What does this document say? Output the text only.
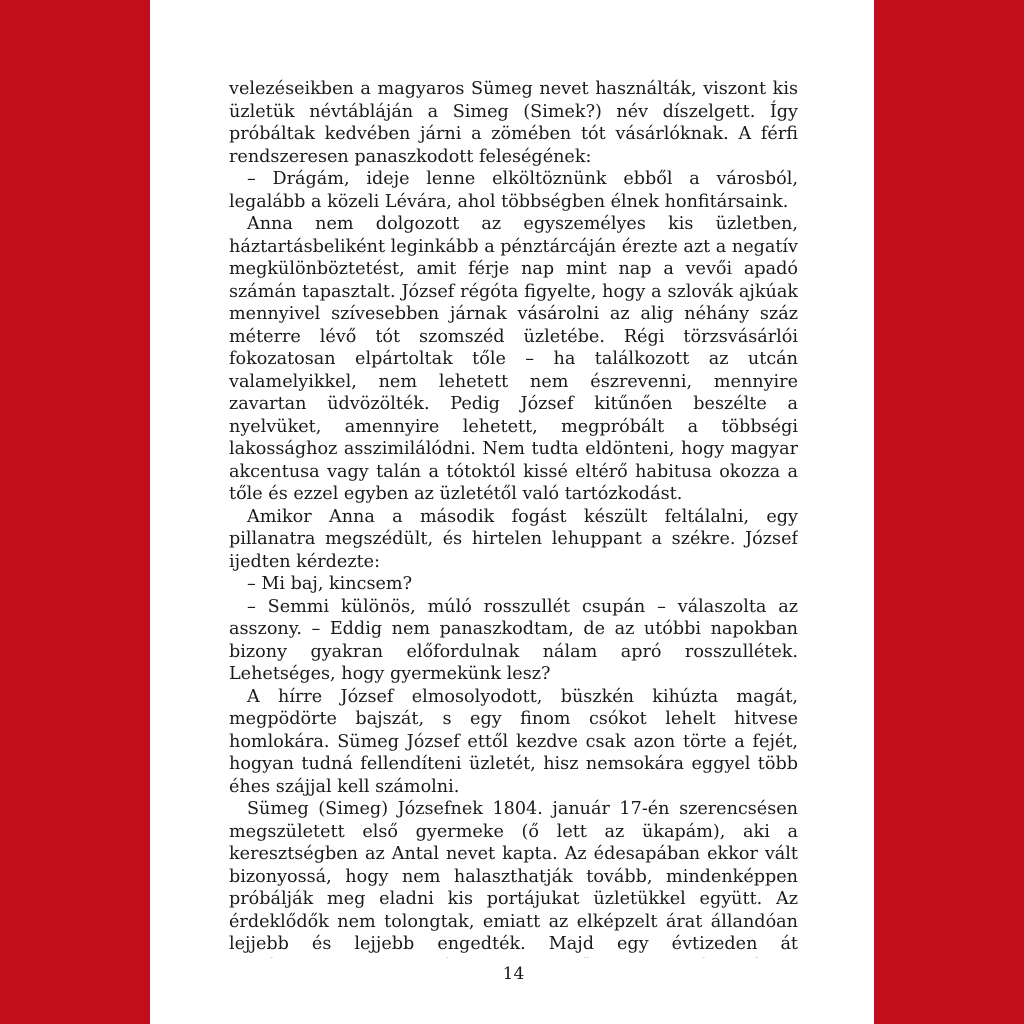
velezéseikben a magyaros Sümeg nevet használták, viszont kis üzletük névtábláján a Simeg (Simek?) név díszelgett. Így próbáltak kedvében járni a zömében tót vásárlóknak. A férfi rendszeresen panaszkodott feleségének:

– Drágám, ideje lenne elköltöznünk ebből a városból, legalább a közeli Lévára, ahol többségben élnek honfitársaink.

Anna nem dolgozott az egyszemélyes kis üzletben, háztartásbeliként leginkább a pénztárcáján érezte azt a negatív megkülönböztetést, amit férje nap mint nap a vevői apadó számán tapasztalt. József régóta figyelte, hogy a szlovák ajkúak mennyivel szívesebben járnak vásárolni az alig néhány száz méterre lévő tót szomszéd üzletébe. Régi törzsvásárlói fokozatosan elpártoltak tőle – ha találkozott az utcán valamelyikkel, nem lehetett nem észrevenni, mennyire zavartan üdvözölték. Pedig József kitűnően beszélte a nyelvüket, amennyire lehetett, megpróbált a többségi lakossághoz asszimilálódni. Nem tudta eldönteni, hogy magyar akcentusa vagy talán a tótoktól kissé eltérő habitusa okozza a tőle és ezzel egyben az üzletétől való tartózkodást.

Amikor Anna a második fogást készült feltálalni, egy pillanatra megszédült, és hirtelen lehuppant a székre. József ijedten kérdezte:

– Mi baj, kincsem?

– Semmi különös, múló rosszullét csupán – válaszolta az asszony. – Eddig nem panaszkodtam, de az utóbbi napokban bizony gyakran előfordulnak nálam apró rosszullétek. Lehetséges, hogy gyermekünk lesz?

A hírre József elmosolyodott, büszkén kihúzta magát, megpödörte bajszát, s egy finom csókot lehelt hitvese homlokára. Sümeg József ettől kezdve csak azon törte a fejét, hogyan tudná fellendíteni üzletét, hisz nemsokára eggyel több éhes szájjal kell számolni.

Sümeg (Simeg) Józsefnek 1804. január 17-én szerencsésen megszületett első gyermeke (ő lett az ükapám), aki a keresztségben az Antal nevet kapta. Az édesapában ekkor vált bizonyossá, hogy nem halaszthatják tovább, mindenképpen próbálják meg eladni kis portájukat üzletükkel együtt. Az érdeklődők nem tolongtak, emiatt az elképzelt árat állandóan lejjebb és lejjebb engedték. Majd egy évtizeden át

14
